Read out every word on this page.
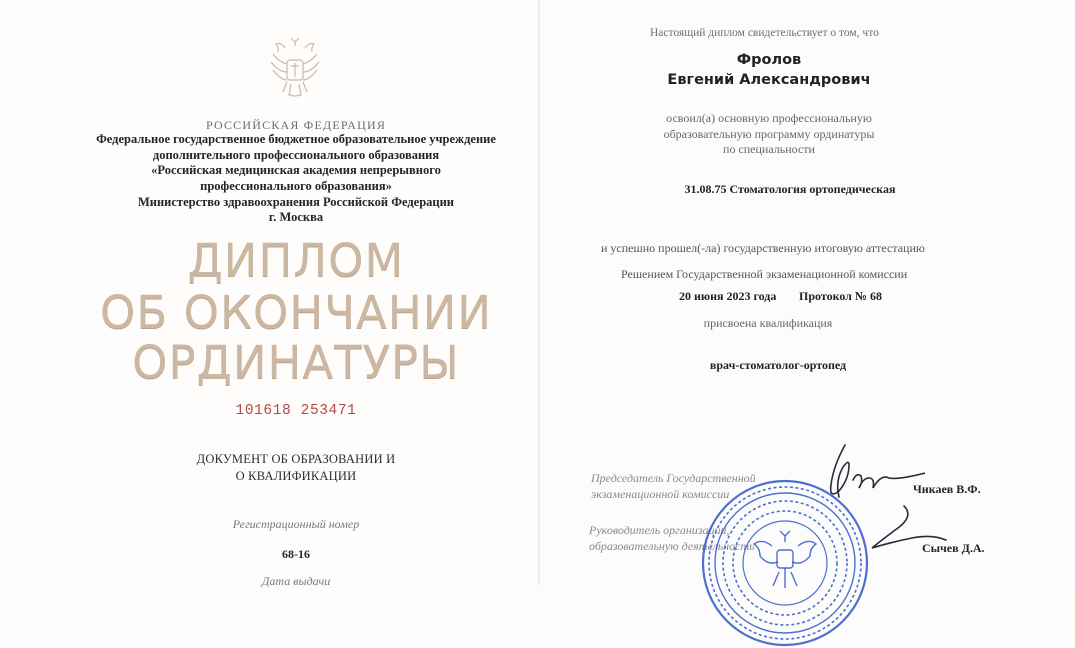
РОССИЙСКАЯ ФЕДЕРАЦИЯ
Федеральное государственное бюджетное образовательное учреждение
дополнительного профессионального образования
«Российская медицинская академия непрерывного
профессионального образования»
Министерство здравоохранения Российской Федерации
г. Москва
ДИПЛОМ
ОБ ОКОНЧАНИИ
ОРДИНАТУРЫ
101618 253471
ДОКУМЕНТ ОБ ОБРАЗОВАНИИ И
О КВАЛИФИКАЦИИ
Регистрационный номер
68-16
Дата выдачи
Настоящий диплом свидетельствует о том, что
Фролов
Евгений Александрович
освоил(а) основную профессиональную
образовательную программу ординатуры
по специальности
31.08.75 Стоматология ортопедическая
и успешно прошел(-ла) государственную итоговую аттестацию
Решением Государственной экзаменационной комиссии
20 июня 2023 года Протокол № 68
присвоена квалификация
врач-стоматолог-ортопед
Председатель Государственной
экзаменационной комиссии
Руководитель организации,
образовательную деятельность
Чикаев В.Ф.
Сычев Д.А.
